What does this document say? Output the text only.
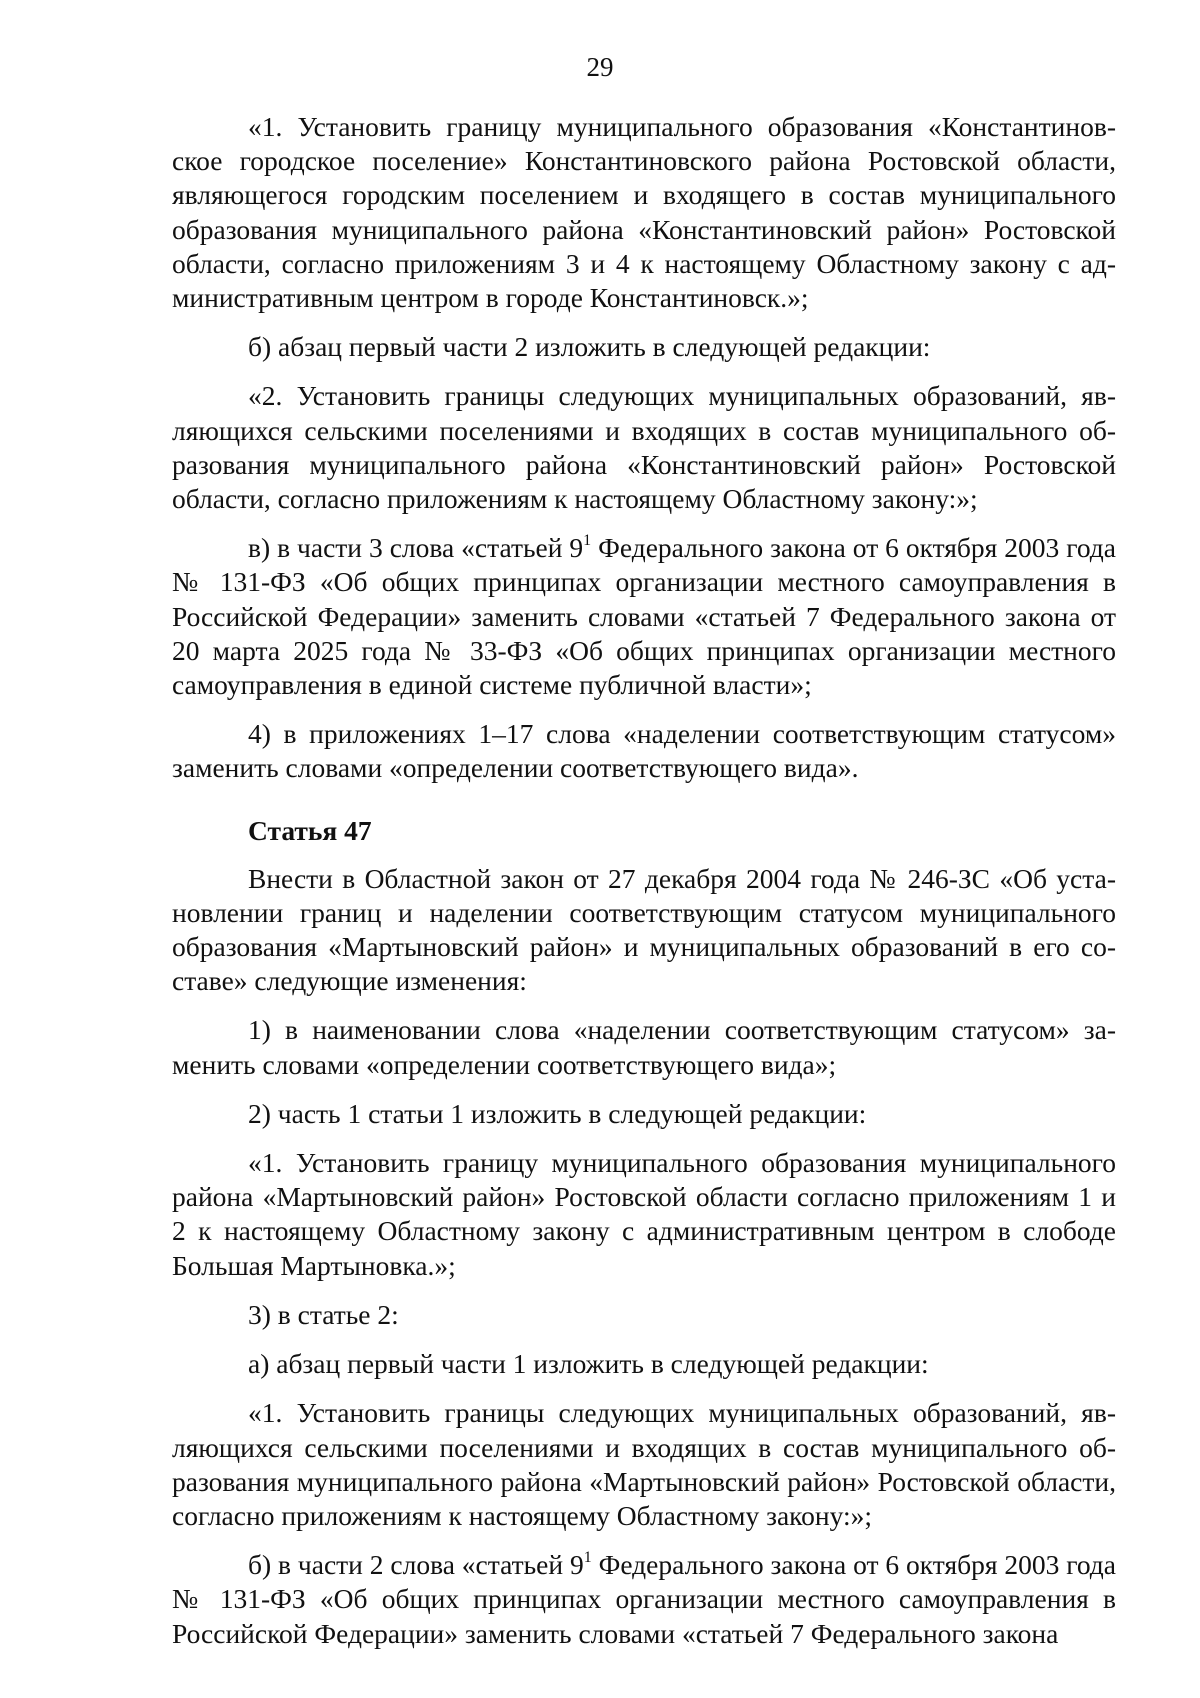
29

«1. Установить границу муниципального образования «Константиновское городское поселение» Константиновского района Ростовской области, являющегося городским поселением и входящего в состав муниципального образования муниципального района «Константиновский район» Ростовской области, согласно приложениям 3 и 4 к настоящему Областному закону с административным центром в городе Константиновск.»;

б) абзац первый части 2 изложить в следующей редакции:

«2. Установить границы следующих муниципальных образований, являющихся сельскими поселениями и входящих в состав муниципального образования муниципального района «Константиновский район» Ростовской области, согласно приложениям к настоящему Областному закону:»;

в) в части 3 слова «статьей $9^1$ Федерального закона от 6 октября 2003 года № 131-ФЗ «Об общих принципах организации местного самоуправления в Российской Федерации» заменить словами «статьей 7 Федерального закона от 20 марта 2025 года № 33-ФЗ «Об общих принципах организации местного самоуправления в единой системе публичной власти»;

4) в приложениях 1–17 слова «наделении соответствующим статусом» заменить словами «определении соответствующего вида».

Статья 47

Внести в Областной закон от 27 декабря 2004 года № 246-ЗС «Об установлении границ и наделении соответствующим статусом муниципального образования «Мартыновский район» и муниципальных образований в его составе» следующие изменения:

1) в наименовании слова «наделении соответствующим статусом» заменить словами «определении соответствующего вида»;

2) часть 1 статьи 1 изложить в следующей редакции:

«1. Установить границу муниципального образования муниципального района «Мартыновский район» Ростовской области согласно приложениям 1 и 2 к настоящему Областному закону с административным центром в слободе Большая Мартыновка.»;

3) в статье 2:

а) абзац первый части 1 изложить в следующей редакции:

«1. Установить границы следующих муниципальных образований, являющихся сельскими поселениями и входящих в состав муниципального образования муниципального района «Мартыновский район» Ростовской области, согласно приложениям к настоящему Областному закону:»;

б) в части 2 слова «статьей $9^1$ Федерального закона от 6 октября 2003 года № 131-ФЗ «Об общих принципах организации местного самоуправления в Российской Федерации» заменить словами «статьей 7 Федерального закона
